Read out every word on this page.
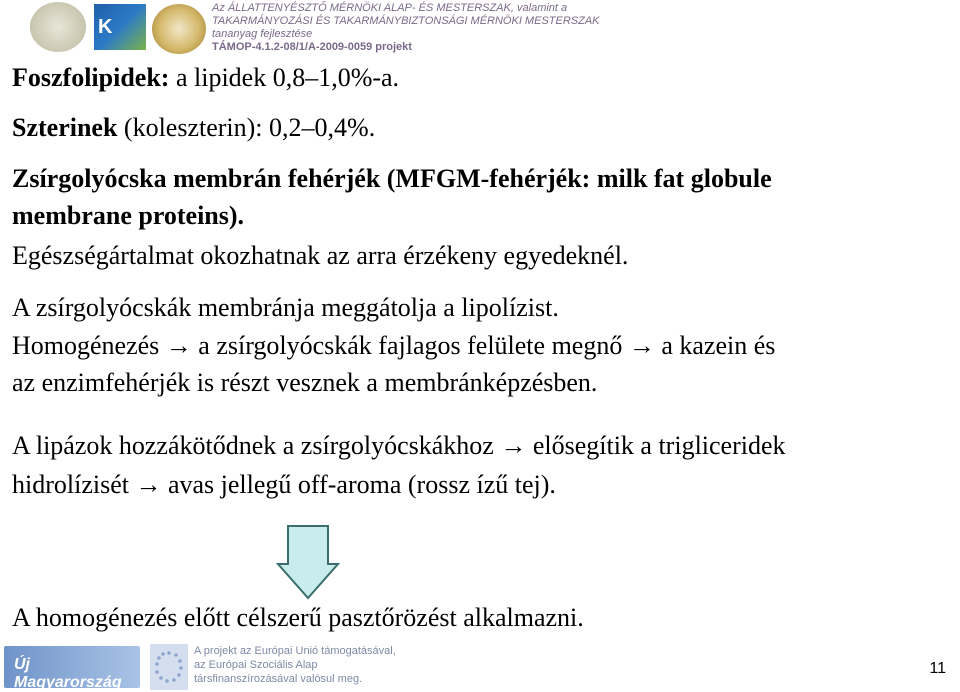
K
Az ÁLLATTENYÉSZTŐ MÉRNÖKI ALAP- ÉS MESTERSZAK, valamint a
TAKARMÁNYOZÁSI ÉS TAKARMÁNYBIZTONSÁGI MÉRNÖKI MESTERSZAK
tananyag fejlesztése
TÁMOP-4.1.2-08/1/A-2009-0059 projekt
Foszfolipidek: a lipidek 0,8–1,0%-a.
Szterinek (koleszterin): 0,2–0,4%.
Zsírgolyócska membrán fehérjék (MFGM-fehérjék: milk fat globule
membrane proteins).
Egészségártalmat okozhatnak az arra érzékeny egyedeknél.
A zsírgolyócskák membránja meggátolja a lipolízist.
Homogénezés → a zsírgolyócskák fajlagos felülete megnő → a kazein és
az enzimfehérjék is részt vesznek a membránképzésben.
A lipázok hozzákötődnek a zsírgolyócskákhoz → elősegítik a trigliceridek
hidrolízisét → avas jellegű off-aroma (rossz ízű tej).
A homogénezés előtt célszerű pasztőrözést alkalmazni.
Új Magyarország
A projekt az Európai Unió támogatásával,
az Európai Szociális Alap
társfinanszírozásával valósul meg.
11
